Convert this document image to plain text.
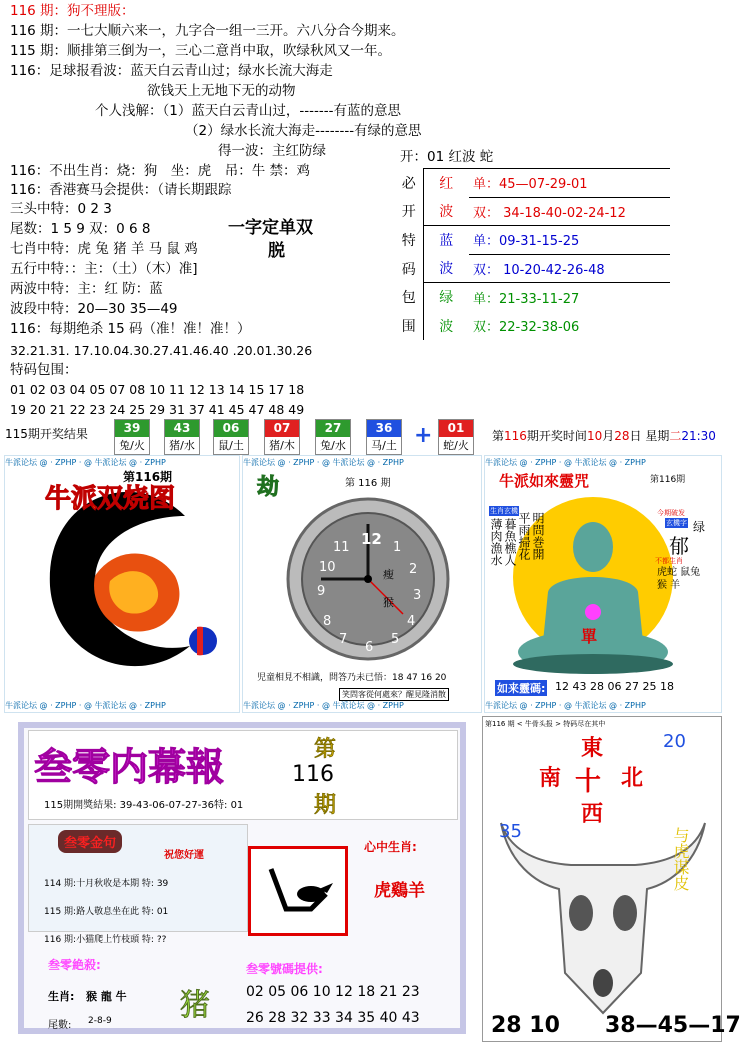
116 期：狗不理版：
116 期：一七大顺六来一，九字合一组一三开。六八分合今期来。
115 期：顺排第三倒为一，三心二意肖中取，吹绿秋风又一年。
116：足球报看波：蓝天白云青山过；绿水长流大海走
欲钱天上无地下无的动物
个人浅解：（1）蓝天白云青山过，-------有蓝的意思
（2）绿水长流大海走--------有绿的意思
得一波：主红防绿
116：不出生肖：烧：狗　坐：虎　吊：牛 禁：鸡
116：香港赛马会提供：（请长期跟踪
三头中特：0 2 3
尾数：1 5 9 双：0 6 8
七肖中特：虎 兔 猪 羊 马 鼠 鸡
五行中特：：主：（土）（木）准]
两波中特：主：红 防：蓝
波段中特：20—30 35—49
116：每期绝杀 15 码（准！准！准！）
32.21.31. 17.10.04.30.27.41.46.40 .20.01.30.26
特码包围：
01 02 03 04 05 07 08 10 11 12 13 14 15 17 18
19 20 21 22 23 24 25 29 31 37 41 45 47 48 49
一字定单双
脱
开：01 红波 蛇
必	红	单：45—07-29-01
开	波	双： 34-18-40-02-24-12
特	蓝	单：09-31-15-25
码	波	双： 10-20-42-26-48
包	绿	单：21-33-11-27
围	波	双：22-32-38-06
115期开奖结果	39
兔/火
43
猪/水
06
鼠/土
07
猪/木
27
兔/水
36
马/土 +	01
蛇/火
第116期开奖时间10月28日 星期二21:30
牛派论坛 @ · ZPHP · @ 牛派论坛 @ · ZPHP
牛派论坛 @ · ZPHP · @ 牛派论坛 @ · ZPHP
第116期
牛派双烧图
牛派论坛 @ · ZPHP · @ 牛派论坛 @ · ZPHP
牛派论坛 @ · ZPHP · @ 牛派论坛 @ · ZPHP
劫	第 116 期
12 1
2
3
4
5
6
7
8
9
10
11
瘦
猴
児童相見不相識，問答乃未已悟：18 47 16 20
笑問客從何處來？醒見隆消散
牛派论坛 @ · ZPHP · @ 牛派论坛 @ · ZPHP
牛派论坛 @ · ZPHP · @ 牛派论坛 @ · ZPHP
牛派如來靈咒	第116期
單
生肖玄機
薄肉漁水 暮魚樵人 平雨掃花 明問巻開	今期破发
玄機字 绿
郁
不都生肖
虎蛇 鼠兔猴 羊
如来靈碼: 12 43 28 06 27 25 18
叁零内幕報	第
116
期
115期開獎結果: 39-43-06-07-27-36特: 01
叁零金句
祝您好運
114 期:十月秋收是本期 特: 39
115 期:路人敬息坐在此 特: 01
116 期:小猫爬上竹枝頭 特: ??
心中生肖:
虎鷄羊
叁零絶殺:
生肖: 猴 龍 牛
尾數: 2-8-9 猪
叁零號碼提供:
02 05 06 10 12 18 21 23
26 28 32 33 34 35 40 43
第116 期 < 牛骨头报 > 特码尽在其中
東
南 十 北
西
20
35	与虎谋皮
28 10 38—45—17
